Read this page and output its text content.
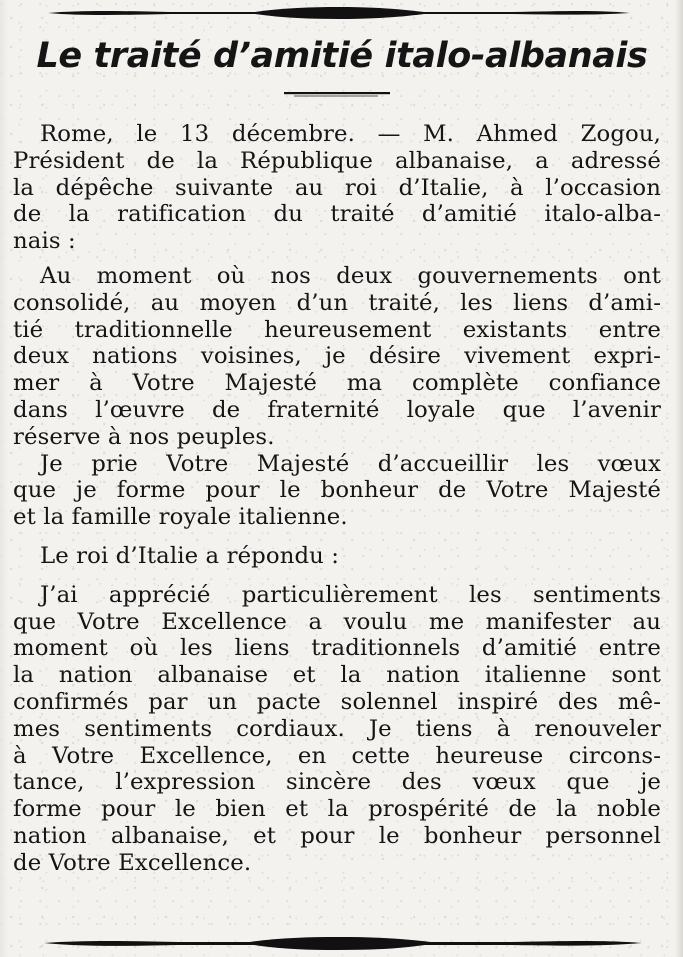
Le traité d’amitié italo-albanais
Rome, le 13 décembre. — M. Ahmed Zogou,
Président de la République albanaise, a adressé
la dépêche suivante au roi d’Italie, à l’occasion
de la ratification du traité d’amitié italo-alba-
nais :
Au moment où nos deux gouvernements ont
consolidé, au moyen d’un traité, les liens d’ami-
tié traditionnelle heureusement existants entre
deux nations voisines, je désire vivement expri-
mer à Votre Majesté ma complète confiance
dans l’œuvre de fraternité loyale que l’avenir
réserve à nos peuples.
Je prie Votre Majesté d’accueillir les vœux
que je forme pour le bonheur de Votre Majesté
et la famille royale italienne.
Le roi d’Italie a répondu :
J’ai apprécié particulièrement les sentiments
que Votre Excellence a voulu me manifester au
moment où les liens traditionnels d’amitié entre
la nation albanaise et la nation italienne sont
confirmés par un pacte solennel inspiré des mê-
mes sentiments cordiaux. Je tiens à renouveler
à Votre Excellence, en cette heureuse circons-
tance, l’expression sincère des vœux que je
forme pour le bien et la prospérité de la noble
nation albanaise, et pour le bonheur personnel
de Votre Excellence.
